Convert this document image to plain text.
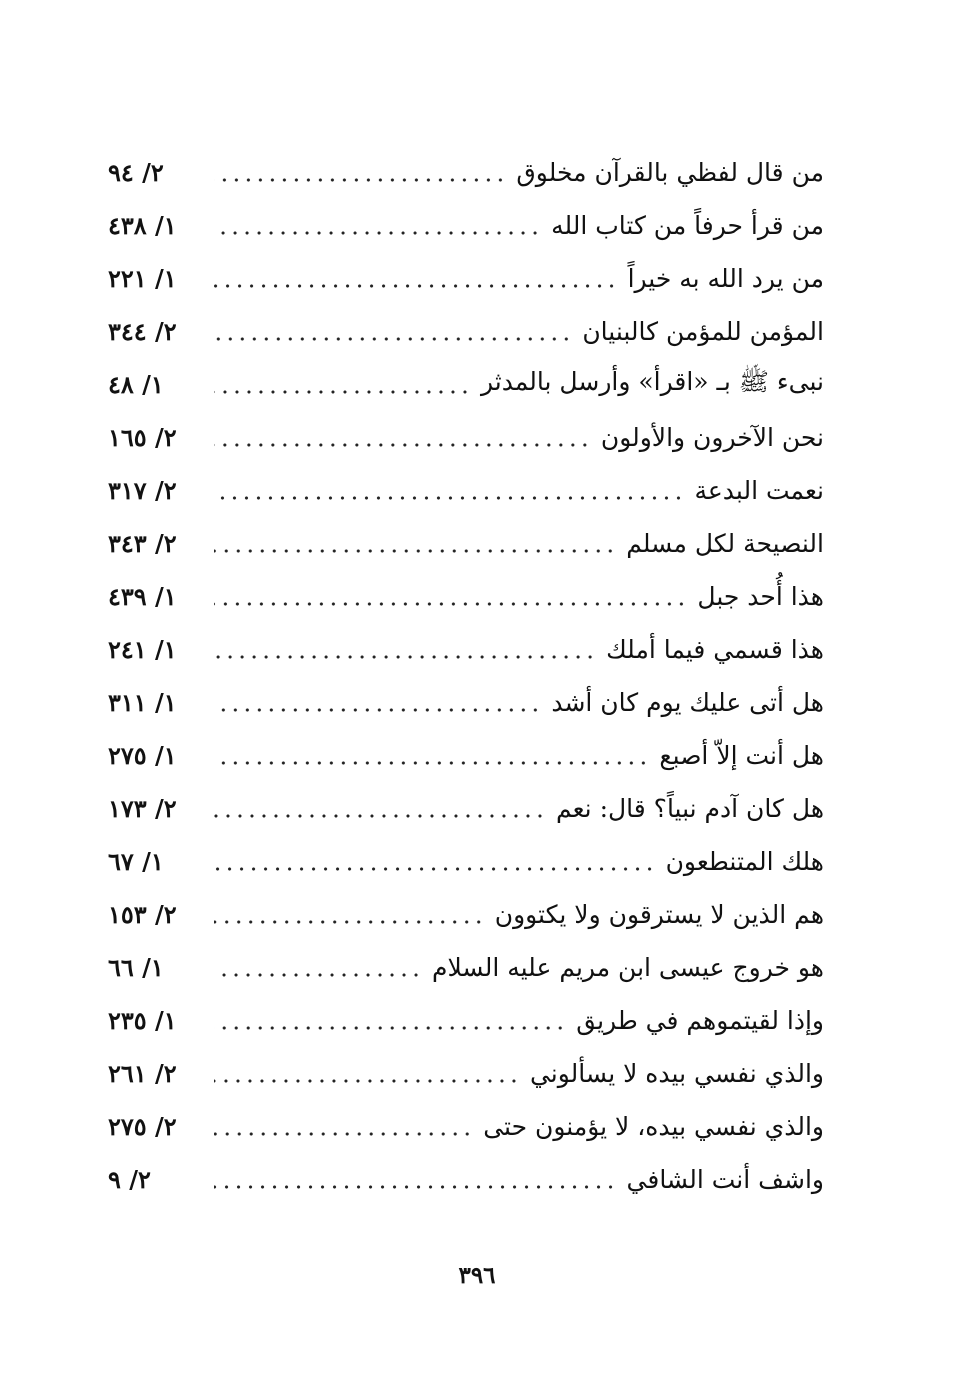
٢/ ٩٤	من قال لفظي بالقرآن مخلوق
١/ ٤٣٨	من قرأ حرفاً من كتاب الله
١/ ٢٢١	من يرد الله به خيراً
٢/ ٣٤٤	المؤمن للمؤمن كالبنيان
١/ ٤٨	نبىء ﷺ بـ «اقرأ» وأرسل بالمدثر
٢/ ١٦٥	نحن الآخرون والأولون
٢/ ٣١٧	نعمت البدعة
٢/ ٣٤٣	النصيحة لكل مسلم
١/ ٤٣٩	هذا أُحد جبل
١/ ٢٤١	هذا قسمي فيما أملك
١/ ٣١١	هل أتى عليك يوم كان أشد
١/ ٢٧٥	هل أنت إلاّ أصبع
٢/ ١٧٣	هل كان آدم نبياً؟ قال: نعم
١/ ٦٧	هلك المتنطعون
٢/ ١٥٣	هم الذين لا يسترقون ولا يكتوون
١/ ٦٦	هو خروج عيسى ابن مريم عليه السلام
١/ ٢٣٥	وإذا لقيتموهم في طريق
٢/ ٢٦١	والذي نفسي بيده لا يسألوني
٢/ ٢٧٥	والذي نفسي بيده، لا يؤمنون حتى
٢/ ٩	واشف أنت الشافي
٣٩٦
